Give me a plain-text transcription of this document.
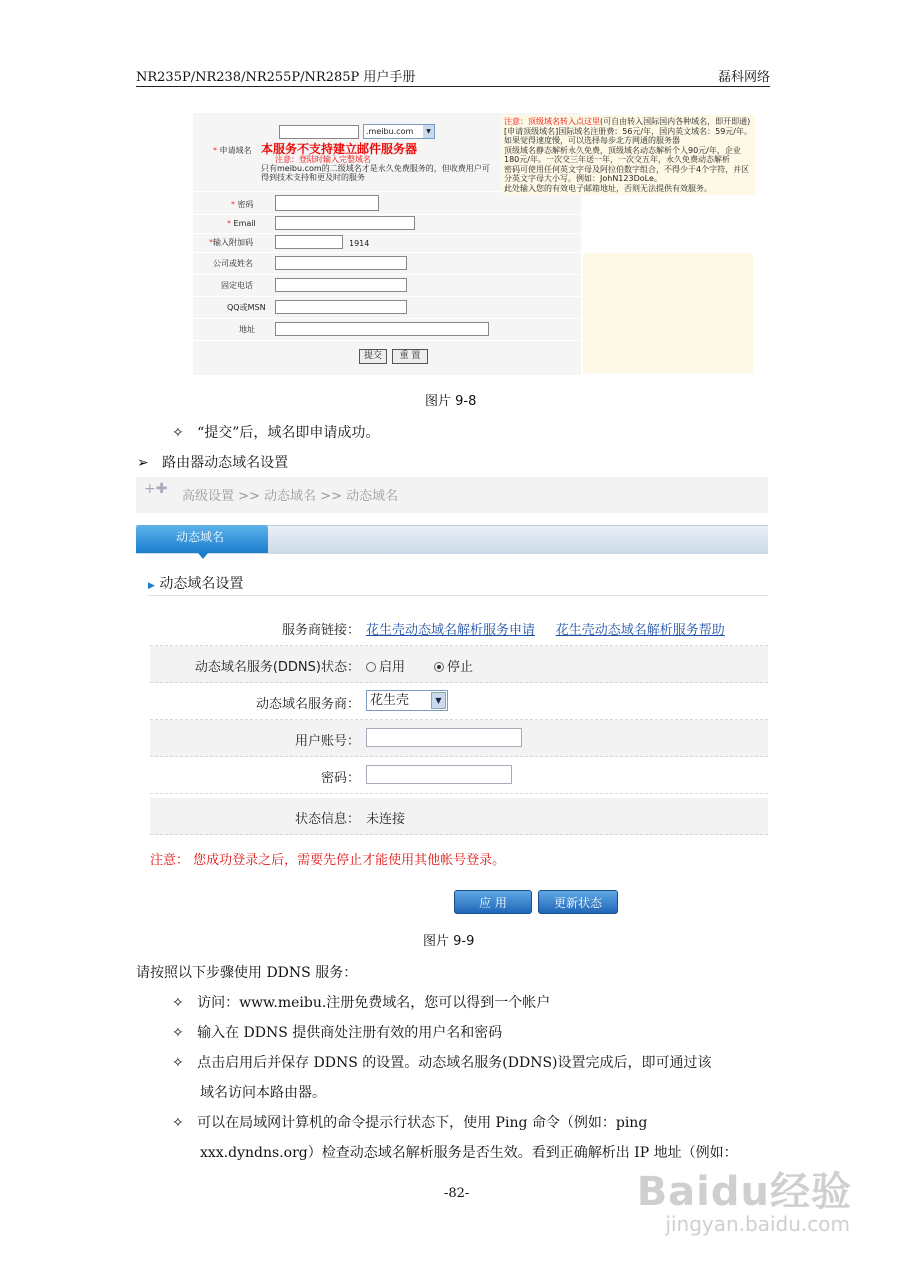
NR235P/NR238/NR255P/NR285P 用户手册	磊科网络
* 申请域名
.meibu.com	▼
本服务不支持建立邮件服务器
注意：登陆时输入完整域名
只有meibu.com的二级域名才是永久免费服务的，但收费用户可得到技术支持和更及时的服务
* 密码
* Email
*输入附加码	1914
公司或姓名
固定电话
QQ或MSN
地址
提交	重 置
注意：顶级域名转入点这里(可自由转入国际国内各种域名，即开即通) [申请顶级域名]国际域名注册费：56元/年，国内英文域名：59元/年。如果觉得速度慢，可以选择每步北方网通的服务器
顶级域名静态解析永久免费，顶级域名动态解析个人90元/年，企业180元/年。一次交三年送一年，一次交五年，永久免费动态解析
密码可使用任何英文字母及阿拉伯数字组合，不得少于4个字符，并区分英文字母大小写。例如：JohN123DoLe。
此处输入您的有效电子邮箱地址，否则无法提供有效服务。
图片 9-8
✧ “提交”后，域名即申请成功。
➢ 路由器动态域名设置
+✚ 高级设置 >> 动态域名 >> 动态域名
动态域名
▶ 动态域名设置
服务商链接： 花生壳动态域名解析服务申请 花生壳动态域名解析服务帮助
动态域名服务(DDNS)状态：	启用	停止
动态域名服务商： 花生壳	▼
用户账号：
密码：
状态信息： 未连接
注意： 您成功登录之后，需要先停止才能使用其他帐号登录。
应 用	更新状态
图片 9-9
请按照以下步骤使用 DDNS 服务：
✧ 访问：www.meibu.注册免费域名，您可以得到一个帐户
✧ 输入在 DDNS 提供商处注册有效的用户名和密码
✧ 点击启用后并保存 DDNS 的设置。动态域名服务(DDNS)设置完成后，即可通过该
域名访问本路由器。
✧ 可以在局域网计算机的命令提示行状态下，使用 Ping 命令（例如：ping
xxx.dyndns.org）检查动态域名解析服务是否生效。看到正确解析出 IP 地址（例如：
-82-	Baidu经验
jingyan.baidu.com
